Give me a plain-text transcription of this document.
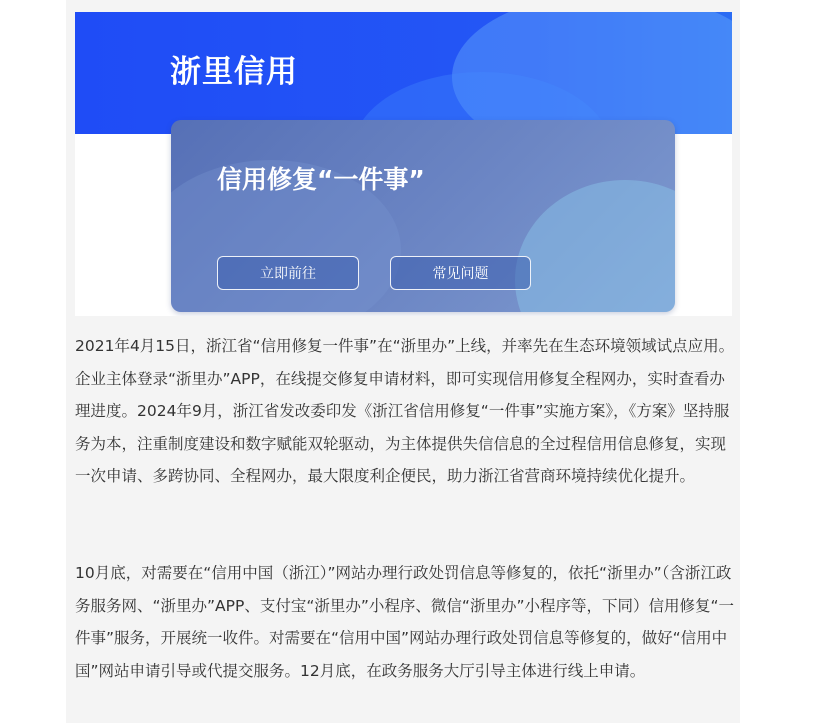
浙里信用
信用修复“一件事”
立即前往	常见问题

2021年4月15日，浙江省“信用修复一件事”在“浙里办”上线，并率先在生态环境领域试点应用。企业主体登录“浙里办”APP，在线提交修复申请材料，即可实现信用修复全程网办，实时查看办理进度。2024年9月，浙江省发改委印发《浙江省信用修复“一件事”实施方案》，《方案》坚持服务为本，注重制度建设和数字赋能双轮驱动，为主体提供失信信息的全过程信用信息修复，实现一次申请、多跨协同、全程网办，最大限度利企便民，助力浙江省营商环境持续优化提升。

10月底，对需要在“信用中国（浙江）”网站办理行政处罚信息等修复的，依托“浙里办”（含浙江政务服务网、“浙里办”APP、支付宝“浙里办”小程序、微信“浙里办”小程序等，下同）信用修复“一件事”服务，开展统一收件。对需要在“信用中国”网站办理行政处罚信息等修复的，做好“信用中国”网站申请引导或代提交服务。12月底，在政务服务大厅引导主体进行线上申请。
